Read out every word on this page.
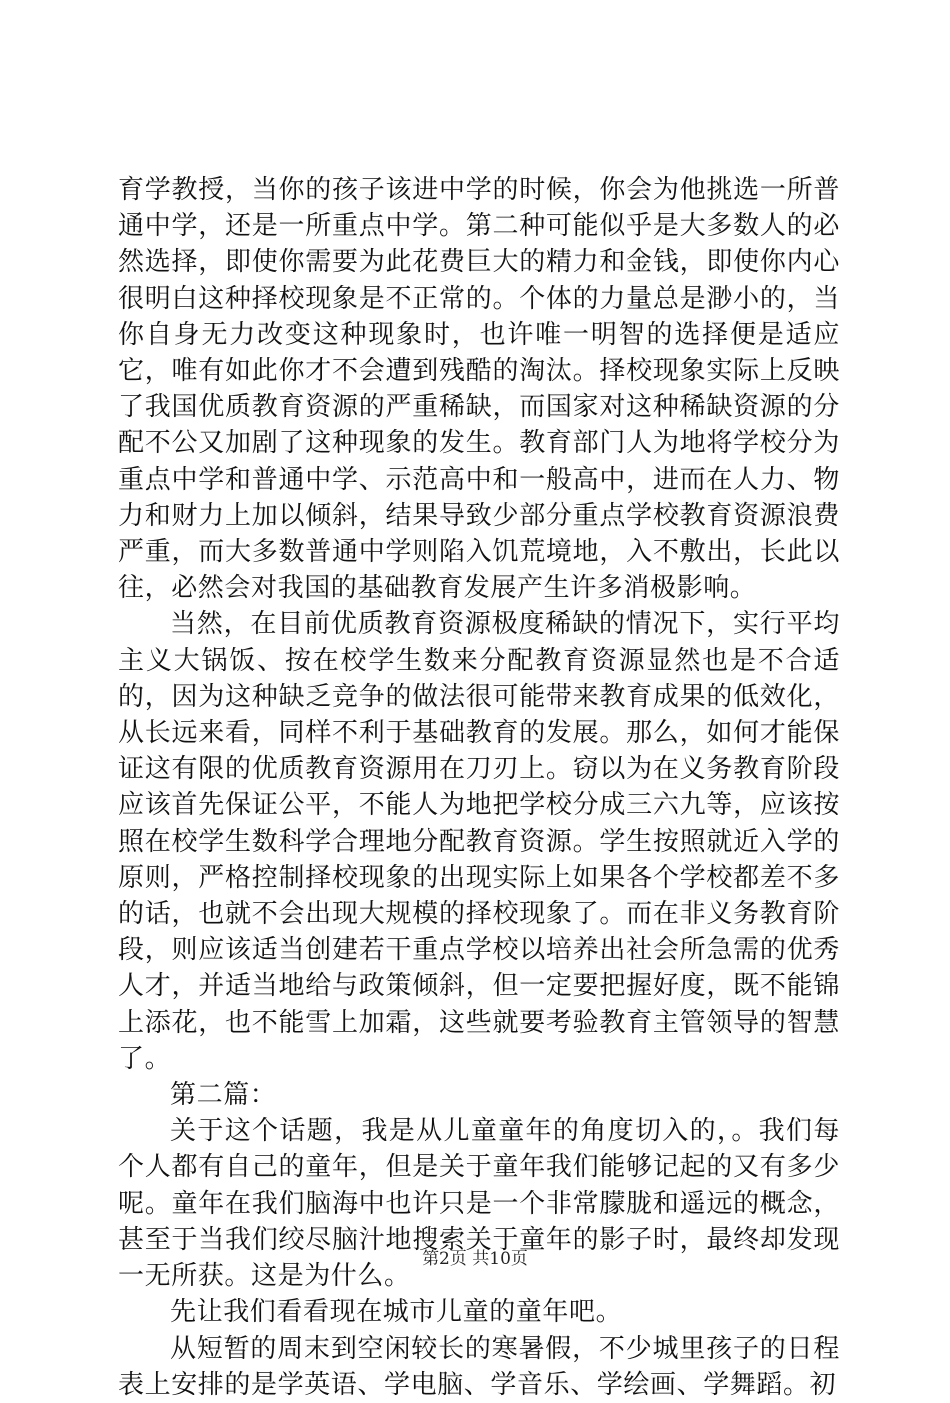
育学教授，当你的孩子该进中学的时候，你会为他挑选一所普通中学，还是一所重点中学。第二种可能似乎是大多数人的必然选择，即使你需要为此花费巨大的精力和金钱，即使你内心很明白这种择校现象是不正常的。个体的力量总是渺小的，当你自身无力改变这种现象时，也许唯一明智的选择便是适应它，唯有如此你才不会遭到残酷的淘汰。择校现象实际上反映了我国优质教育资源的严重稀缺，而国家对这种稀缺资源的分配不公又加剧了这种现象的发生。教育部门人为地将学校分为重点中学和普通中学、示范高中和一般高中，进而在人力、物力和财力上加以倾斜，结果导致少部分重点学校教育资源浪费严重，而大多数普通中学则陷入饥荒境地，入不敷出，长此以往，必然会对我国的基础教育发展产生许多消极影响。

当然，在目前优质教育资源极度稀缺的情况下，实行平均主义大锅饭、按在校学生数来分配教育资源显然也是不合适的，因为这种缺乏竞争的做法很可能带来教育成果的低效化，从长远来看，同样不利于基础教育的发展。那么，如何才能保证这有限的优质教育资源用在刀刃上。窃以为在义务教育阶段应该首先保证公平，不能人为地把学校分成三六九等，应该按照在校学生数科学合理地分配教育资源。学生按照就近入学的原则，严格控制择校现象的出现实际上如果各个学校都差不多的话，也就不会出现大规模的择校现象了。而在非义务教育阶段，则应该适当创建若干重点学校以培养出社会所急需的优秀人才，并适当地给与政策倾斜，但一定要把握好度，既不能锦上添花，也不能雪上加霜，这些就要考验教育主管领导的智慧了。

第二篇：

关于这个话题，我是从儿童童年的角度切入的，。我们每个人都有自己的童年，但是关于童年我们能够记起的又有多少呢。童年在我们脑海中也许只是一个非常朦胧和遥远的概念，甚至于当我们绞尽脑汁地搜索关于童年的影子时，最终却发现一无所获。这是为什么。

先让我们看看现在城市儿童的童年吧。

从短暂的周末到空闲较长的寒暑假，不少城里孩子的日程表上安排的是学英语、学电脑、学音乐、学绘画、学舞蹈。初

第2页 共10页
